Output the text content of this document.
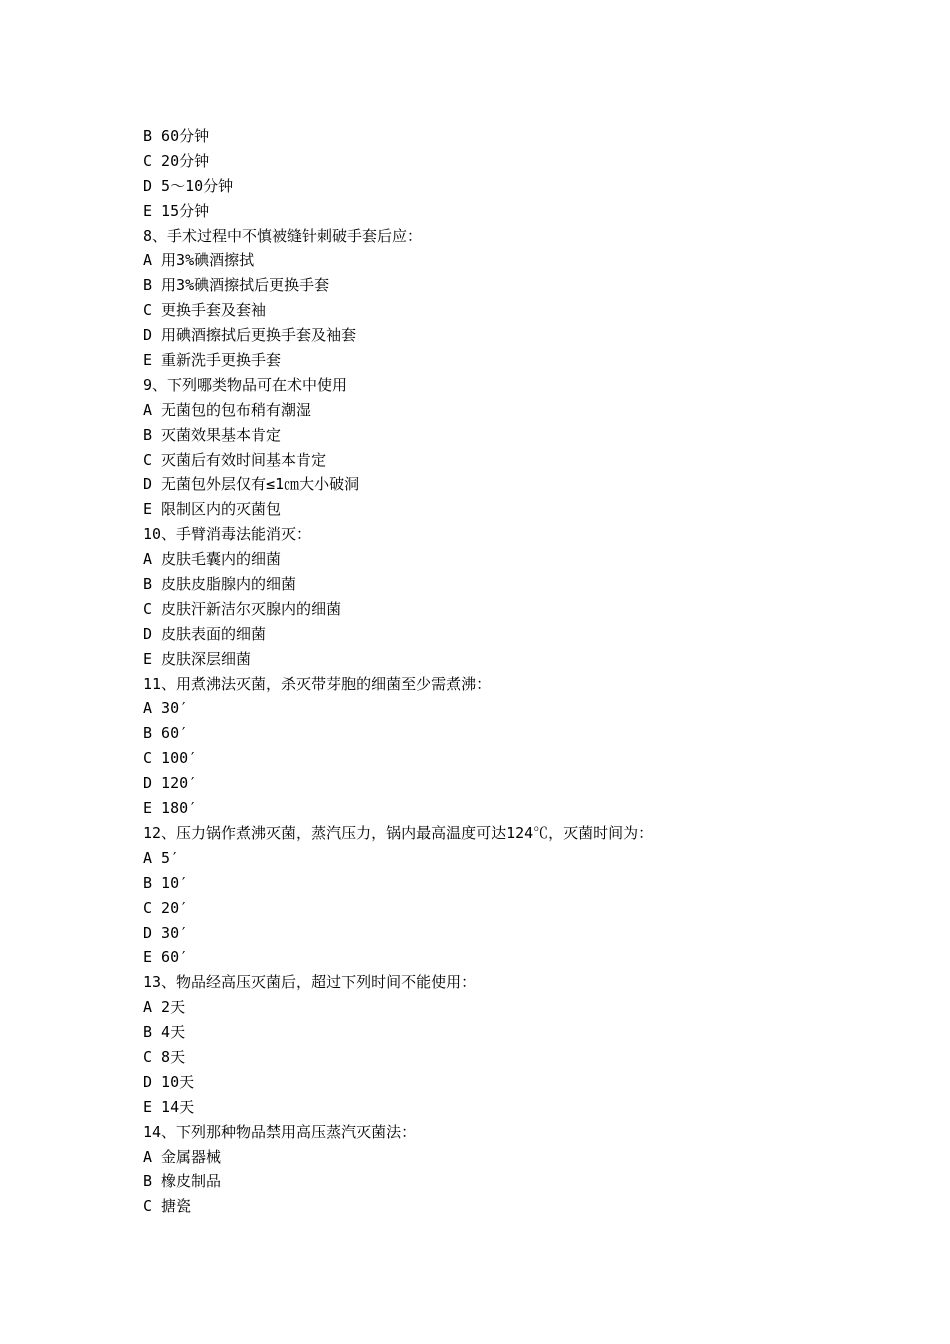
B 60分钟
C 20分钟
D 5～10分钟
E 15分钟
8、手术过程中不慎被缝针刺破手套后应：
A 用3%碘酒擦拭
B 用3%碘酒擦拭后更换手套
C 更换手套及套袖
D 用碘酒擦拭后更换手套及袖套
E 重新洗手更换手套
9、下列哪类物品可在术中使用
A 无菌包的包布稍有潮湿
B 灭菌效果基本肯定
C 灭菌后有效时间基本肯定
D 无菌包外层仅有≤1㎝大小破洞
E 限制区内的灭菌包
10、手臂消毒法能消灭：
A 皮肤毛囊内的细菌
B 皮肤皮脂腺内的细菌
C 皮肤汗新洁尔灭腺内的细菌
D 皮肤表面的细菌
E 皮肤深层细菌
11、用煮沸法灭菌，杀灭带芽胞的细菌至少需煮沸：
A 30′
B 60′
C 100′
D 120′
E 180′
12、压力锅作煮沸灭菌，蒸汽压力，锅内最高温度可达124℃，灭菌时间为：
A 5′
B 10′
C 20′
D 30′
E 60′
13、物品经高压灭菌后，超过下列时间不能使用：
A 2天
B 4天
C 8天
D 10天
E 14天
14、下列那种物品禁用高压蒸汽灭菌法：
A 金属器械
B 橡皮制品
C 搪瓷
